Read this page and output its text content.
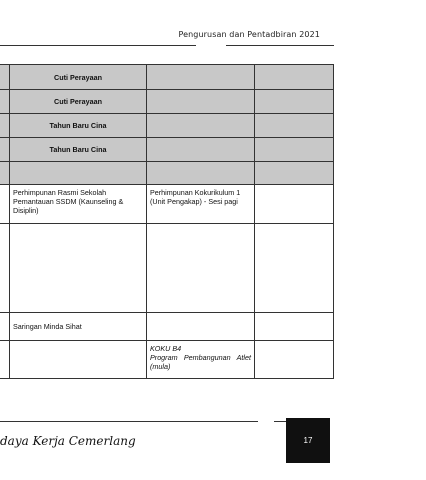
Pengurusan dan Pentadbiran 2021
	Cuti Perayaan		
	Cuti Perayaan		
	Tahun Baru Cina		
	Tahun Baru Cina		

	Perhimpunan Rasmi Sekolah Pemantauan SSDM (Kaunseling & Disiplin)	Perhimpunan Kokurikulum 1 (Unit Pengakap) - Sesi pagi	

	Saringan Minda Sihat		

		KOKU B4
Program Pembangunan Atlet (mula)	

daya Kerja Cemerlang	17
